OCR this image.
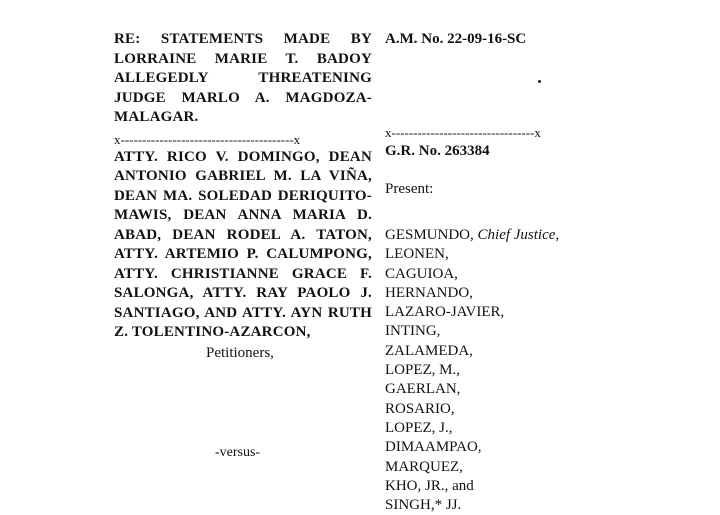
RE: STATEMENTS MADE BY LORRAINE MARIE T. BADOY ALLEGEDLY THREATENING JUDGE MARLO A. MAGDOZA-MALAGAR.
x----------------------------------------x
ATTY. RICO V. DOMINGO, DEAN ANTONIO GABRIEL M. LA VIÑA, DEAN MA. SOLEDAD DERIQUITO-MAWIS, DEAN ANNA MARIA D. ABAD, DEAN RODEL A. TATON, ATTY. ARTEMIO P. CALUMPONG, ATTY. CHRISTIANNE GRACE F. SALONGA, ATTY. RAY PAOLO J. SANTIAGO, AND ATTY. AYN RUTH Z. TOLENTINO-AZARCON,
Petitioners,
-versus-
A.M. No. 22-09-16-SC
x---------------------------------x
G.R. No. 263384
Present:
GESMUNDO, Chief Justice,
LEONEN,
CAGUIOA,
HERNANDO,
LAZARO-JAVIER,
INTING,
ZALAMEDA,
LOPEZ, M.,
GAERLAN,
ROSARIO,
LOPEZ, J.,
DIMAAMPAO,
MARQUEZ,
KHO, JR., and
SINGH,* JJ.
